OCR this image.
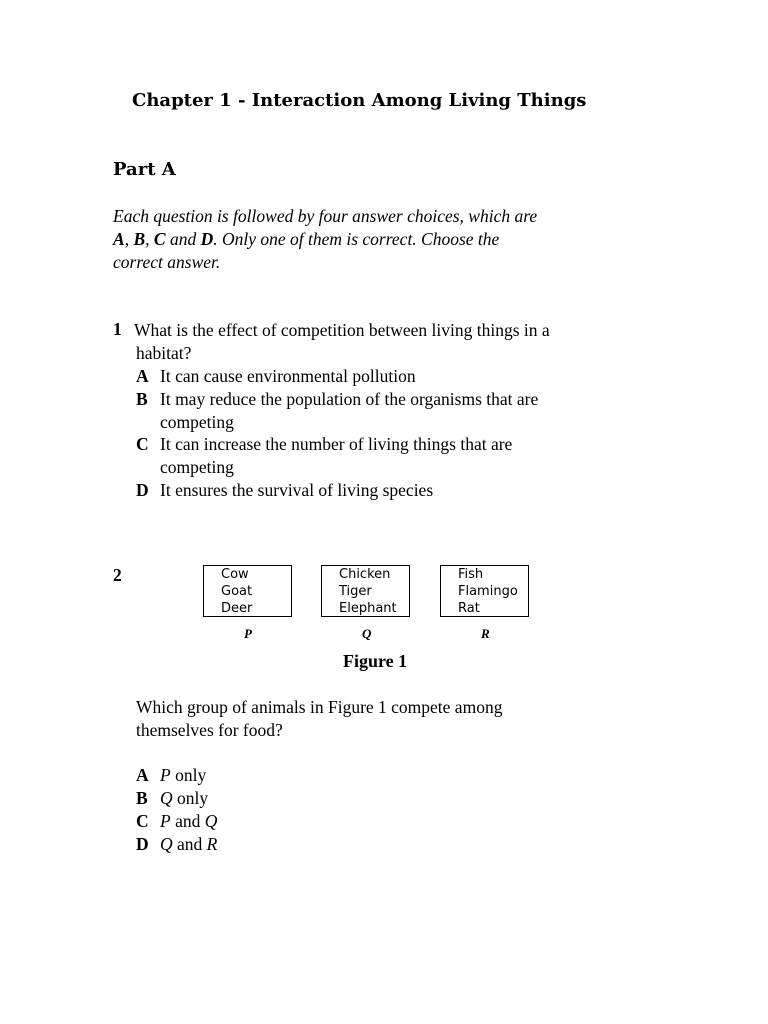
Chapter 1 - Interaction Among Living Things
Part A
Each question is followed by four answer choices, which are
A, B, C and D. Only one of them is correct. Choose the
correct answer.
1 What is the effect of competition between living things in a
habitat?
A It can cause environmental pollution
B It may reduce the population of the organisms that are
competing
C It can increase the number of living things that are
competing
D It ensures the survival of living species
2	Cow
Goat
Deer
Chicken
Tiger
Elephant
Fish
Flamingo
Rat
P	Q	R
Figure 1
Which group of animals in Figure 1 compete among
themselves for food?
A P only
B Q only
C P and Q
D Q and R
